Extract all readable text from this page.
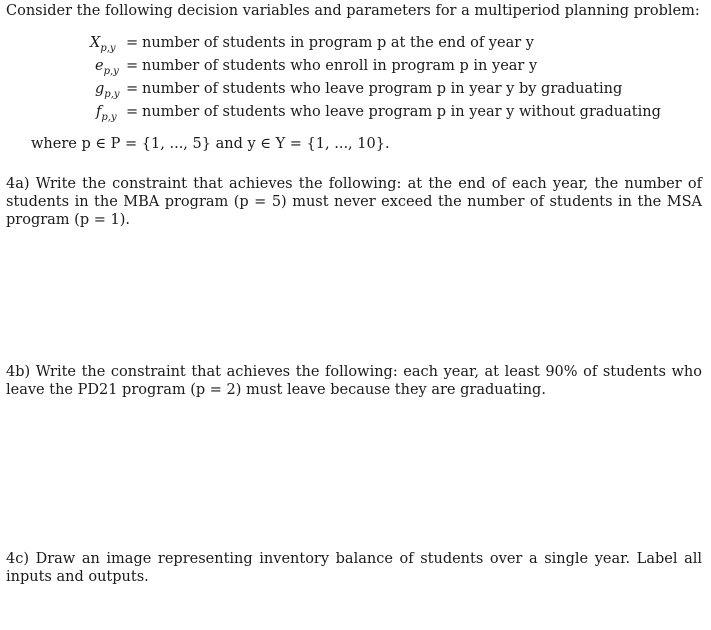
Consider the following decision variables and parameters for a multiperiod planning problem:

$X_{p,y}$ = number of students in program p at the end of year y
$e_{p,y}$ = number of students who enroll in program p in year y
$g_{p,y}$ = number of students who leave program p in year y by graduating
$f_{p,y}$ = number of students who leave program p in year y without graduating
where p ∈ P = {1, ..., 5} and y ∈ Y = {1, ..., 10}.

4a) Write the constraint that achieves the following: at the end of each year, the number of students in the MBA program (p = 5) must never exceed the number of students in the MSA program (p = 1).

4b) Write the constraint that achieves the following: each year, at least 90% of students who leave the PD21 program (p = 2) must leave because they are graduating.

4c) Draw an image representing inventory balance of students over a single year. Label all inputs and outputs.
